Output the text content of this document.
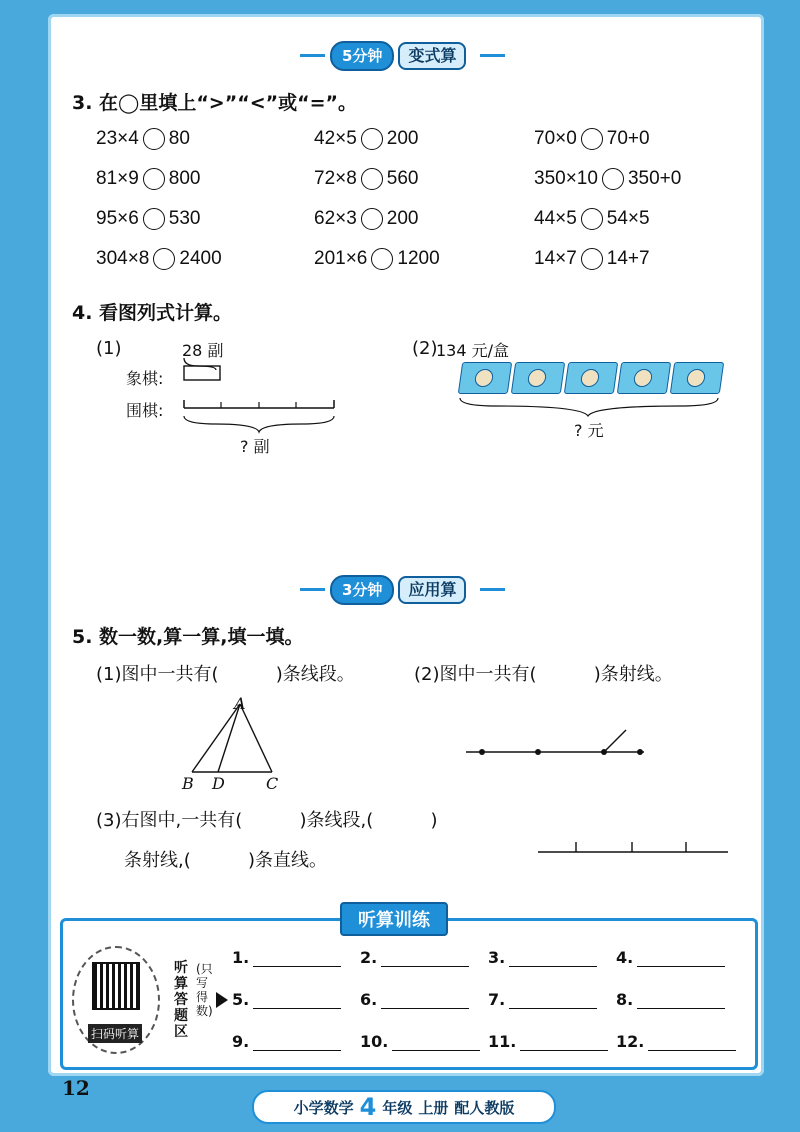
5分钟	变式算
3. 在◯里填上“>”“<”或“=”。
23×4 80	42×5 200	70×0 70+0
81×9 800	72×8 560	350×10 350+0
95×6 530	62×3 200	44×5 54×5
304×8 2400	201×6 1200	14×7 14+7
4. 看图列式计算。
(1)	28 副
象棋:
围棋:
? 副
(2)
134 元/盒
? 元
3分钟	应用算
5. 数一数,算一算,填一填。
(1)图中一共有(          )条线段。	(2)图中一共有(          )条射线。
A
B D	C
(3)右图中,一共有(          )条线段,(          )
条射线,(          )条直线。
听算训练
扫码听算
听算答题区
(只写得数)
1.	2.	3.	4.
5.	6.	7.	8.
9.	10.	11.	12.
12
小学数学 4 年级 上册 配人教版
